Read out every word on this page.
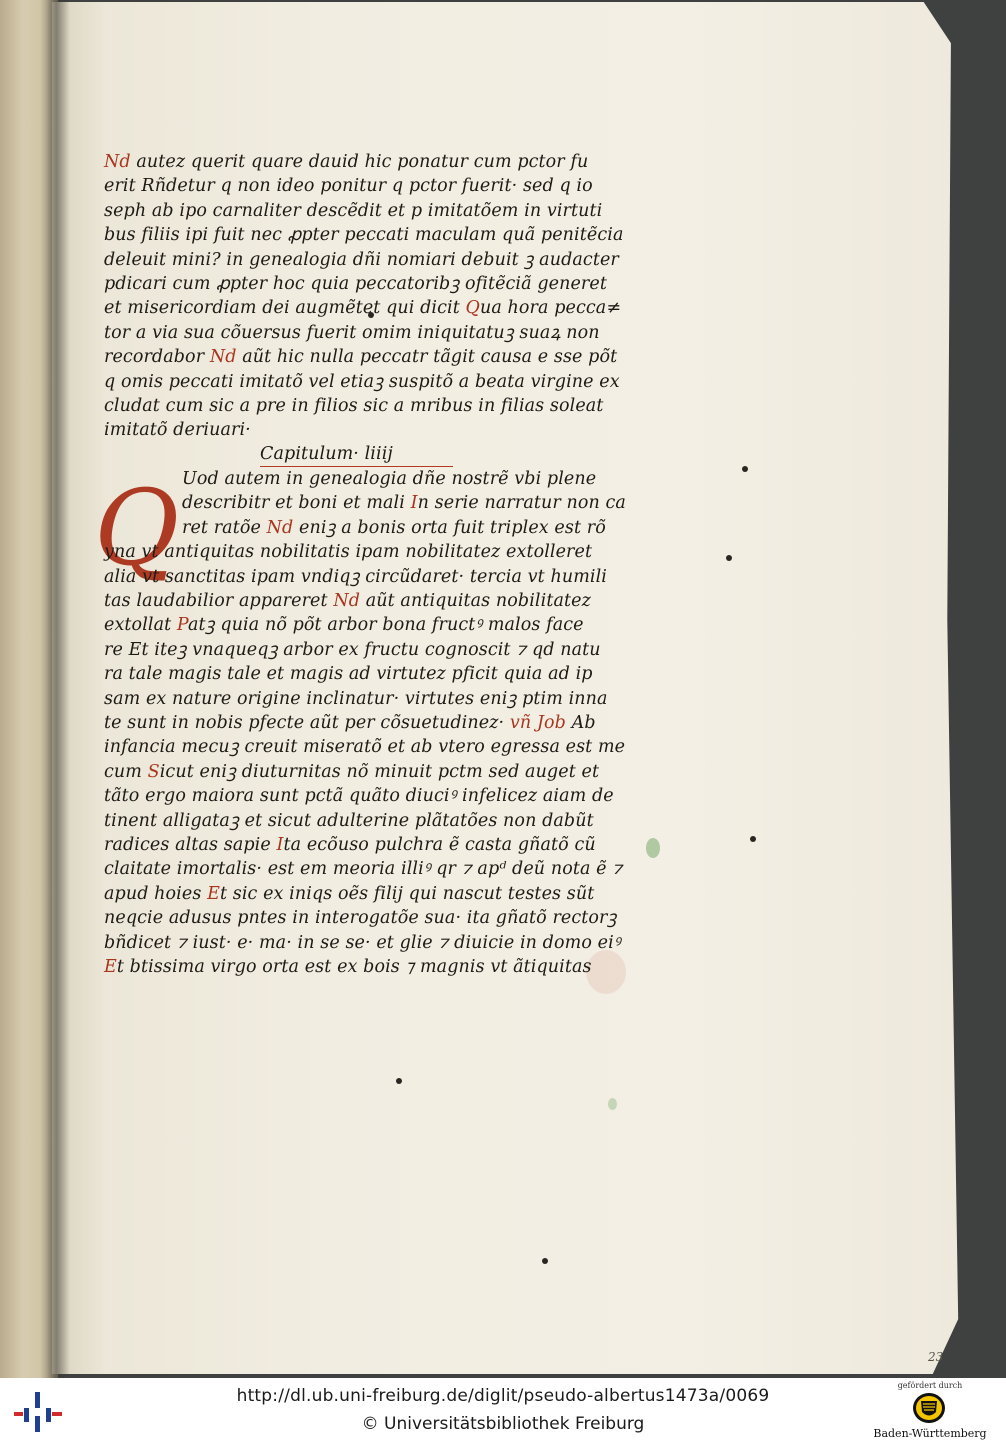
Q
Nd autez querit quare dauid hic ponatur cum pctor fu
erit Rñdetur q non ideo ponitur q pctor fuerit· sed q io
seph ab ipo carnaliter descẽdit et p imitatõem in virtuti
bus filiis ipi fuit nec ꝓpter peccati maculam quã penitẽcia
deleuit mini? in genealogia dñi nomiari debuit ꝫ audacter
pdicari cum ꝓpter hoc quia peccatoribꝫ ofitẽciã generet
et misericordiam dei augmẽtet qui dicit Qua hora pecca≠
tor a via sua cõuersus fuerit omim iniquitatuꝫ suaꝝ non
recordabor Nd aũt hic nulla peccatr tãgit causa e sse põt
q omis peccati imitatõ vel etiaꝫ suspitõ a beata virgine ex
cludat cum sic a pre in filios sic a mribus in filias soleat
imitatõ deriuari·
Capitulum· liiij
Uod autem in genealogia dñe nostrẽ vbi plene
describitr et boni et mali In serie narratur non ca
ret ratõe Nd eniꝫ a bonis orta fuit triplex est rõ
yna vt antiquitas nobilitatis ipam nobilitatez extolleret
alia vt sanctitas ipam vndiqꝫ circũdaret· tercia vt humili
tas laudabilior appareret Nd aũt antiquitas nobilitatez
extollat Patꝫ quia nõ põt arbor bona fructꝰ malos face
re Et iteꝫ vnaqueqꝫ arbor ex fructu cognoscit ⁊ qd natu
ra tale magis tale et magis ad virtutez pficit quia ad ip
sam ex nature origine inclinatur· virtutes eniꝫ ptim inna
te sunt in nobis pfecte aũt per cõsuetudinez· vñ Job Ab
infancia mecuꝫ creuit miseratõ et ab vtero egressa est me
cum Sicut eniꝫ diuturnitas nõ minuit pctm sed auget et
tãto ergo maiora sunt pctã quãto diuciꝰ infelicez aiam de
tinent alligataꝫ et sicut adulterine plãtatões non dabũt
radices altas sapie Ita ecõuso pulchra ẽ casta gñatõ cũ
claitate imortalis· est em meoria illiꝰ qr ⁊ apᵈ deũ nota ẽ ⁊
apud hoies Et sic ex iniqs oẽs filij qui nascut testes sũt
neqcie adusus pntes in interogatõe sua· ita gñatõ rectorꝫ
bñdicet ⁊ iust· e· ma· in se se· et glie ⁊ diuicie in domo eiꝰ
Et btissima virgo orta est ex bois ⁊ magnis vt ãtiquitas
23
http://dl.ub.uni-freiburg.de/diglit/pseudo-albertus1473a/0069
© Universitätsbibliothek Freiburg
gefördert durch
Baden-Württemberg
